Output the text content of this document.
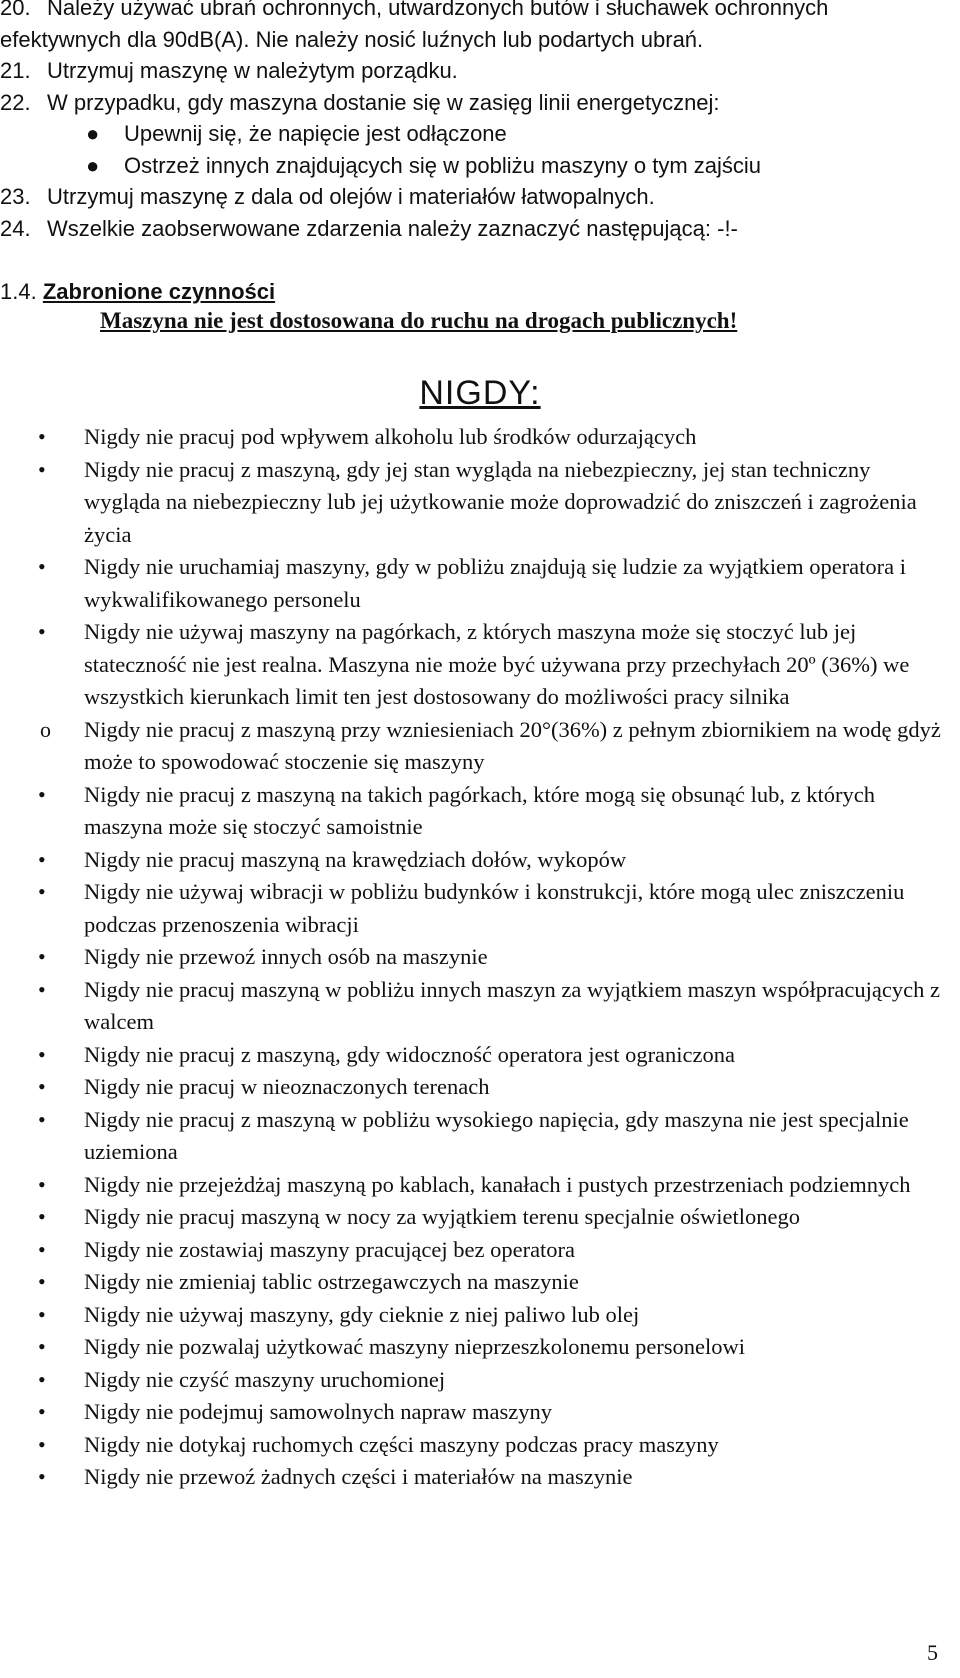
20. Należy używać ubrań ochronnych, utwardzonych butów i słuchawek ochronnych
efektywnych dla 90dB(A). Nie należy nosić luźnych lub podartych ubrań.
21. Utrzymuj maszynę w należytym porządku.
22. W przypadku, gdy maszyna dostanie się w zasięg linii energetycznej:
● Upewnij się, że napięcie jest odłączone
● Ostrzeż innych znajdujących się w pobliżu maszyny o tym zajściu
23. Utrzymuj maszynę z dala od olejów i materiałów łatwopalnych.
24. Wszelkie zaobserwowane zdarzenia należy zaznaczyć następującą: -!-
1.4. Zabronione czynności
Maszyna nie jest dostosowana do ruchu na drogach publicznych!
NIGDY:
• Nigdy nie pracuj pod wpływem alkoholu lub środków odurzających
• Nigdy nie pracuj z maszyną, gdy jej stan wygląda na niebezpieczny, jej stan techniczny wygląda na niebezpieczny lub jej użytkowanie może doprowadzić do zniszczeń i zagrożenia życia
• Nigdy nie uruchamiaj maszyny, gdy w pobliżu znajdują się ludzie za wyjątkiem operatora i wykwalifikowanego personelu
• Nigdy nie używaj maszyny na pagórkach, z których maszyna może się stoczyć lub jej stateczność nie jest realna. Maszyna nie może być używana przy przechyłach 20º (36%) we wszystkich kierunkach limit ten jest dostosowany do możliwości pracy silnika
o Nigdy nie pracuj z maszyną przy wzniesieniach 20°(36%) z pełnym zbiornikiem na wodę gdyż może to spowodować stoczenie się maszyny
• Nigdy nie pracuj z maszyną na takich pagórkach, które mogą się obsunąć lub, z których maszyna może się stoczyć samoistnie
• Nigdy nie pracuj maszyną na krawędziach dołów, wykopów
• Nigdy nie używaj wibracji w pobliżu budynków i konstrukcji, które mogą ulec zniszczeniu podczas przenoszenia wibracji
• Nigdy nie przewoź innych osób na maszynie
• Nigdy nie pracuj maszyną w pobliżu innych maszyn za wyjątkiem maszyn współpracujących z walcem
• Nigdy nie pracuj z maszyną, gdy widoczność operatora jest ograniczona
• Nigdy nie pracuj w nieoznaczonych terenach
• Nigdy nie pracuj z maszyną w pobliżu wysokiego napięcia, gdy maszyna nie jest specjalnie uziemiona
• Nigdy nie przejeżdżaj maszyną po kablach, kanałach i pustych przestrzeniach podziemnych
• Nigdy nie pracuj maszyną w nocy za wyjątkiem terenu specjalnie oświetlonego
• Nigdy nie zostawiaj maszyny pracującej bez operatora
• Nigdy nie zmieniaj tablic ostrzegawczych na maszynie
• Nigdy nie używaj maszyny, gdy cieknie z niej paliwo lub olej
• Nigdy nie pozwalaj użytkować maszyny nieprzeszkolonemu personelowi
• Nigdy nie czyść maszyny uruchomionej
• Nigdy nie podejmuj samowolnych napraw maszyny
• Nigdy nie dotykaj ruchomych części maszyny podczas pracy maszyny
• Nigdy nie przewoź żadnych części i materiałów na maszynie
5
